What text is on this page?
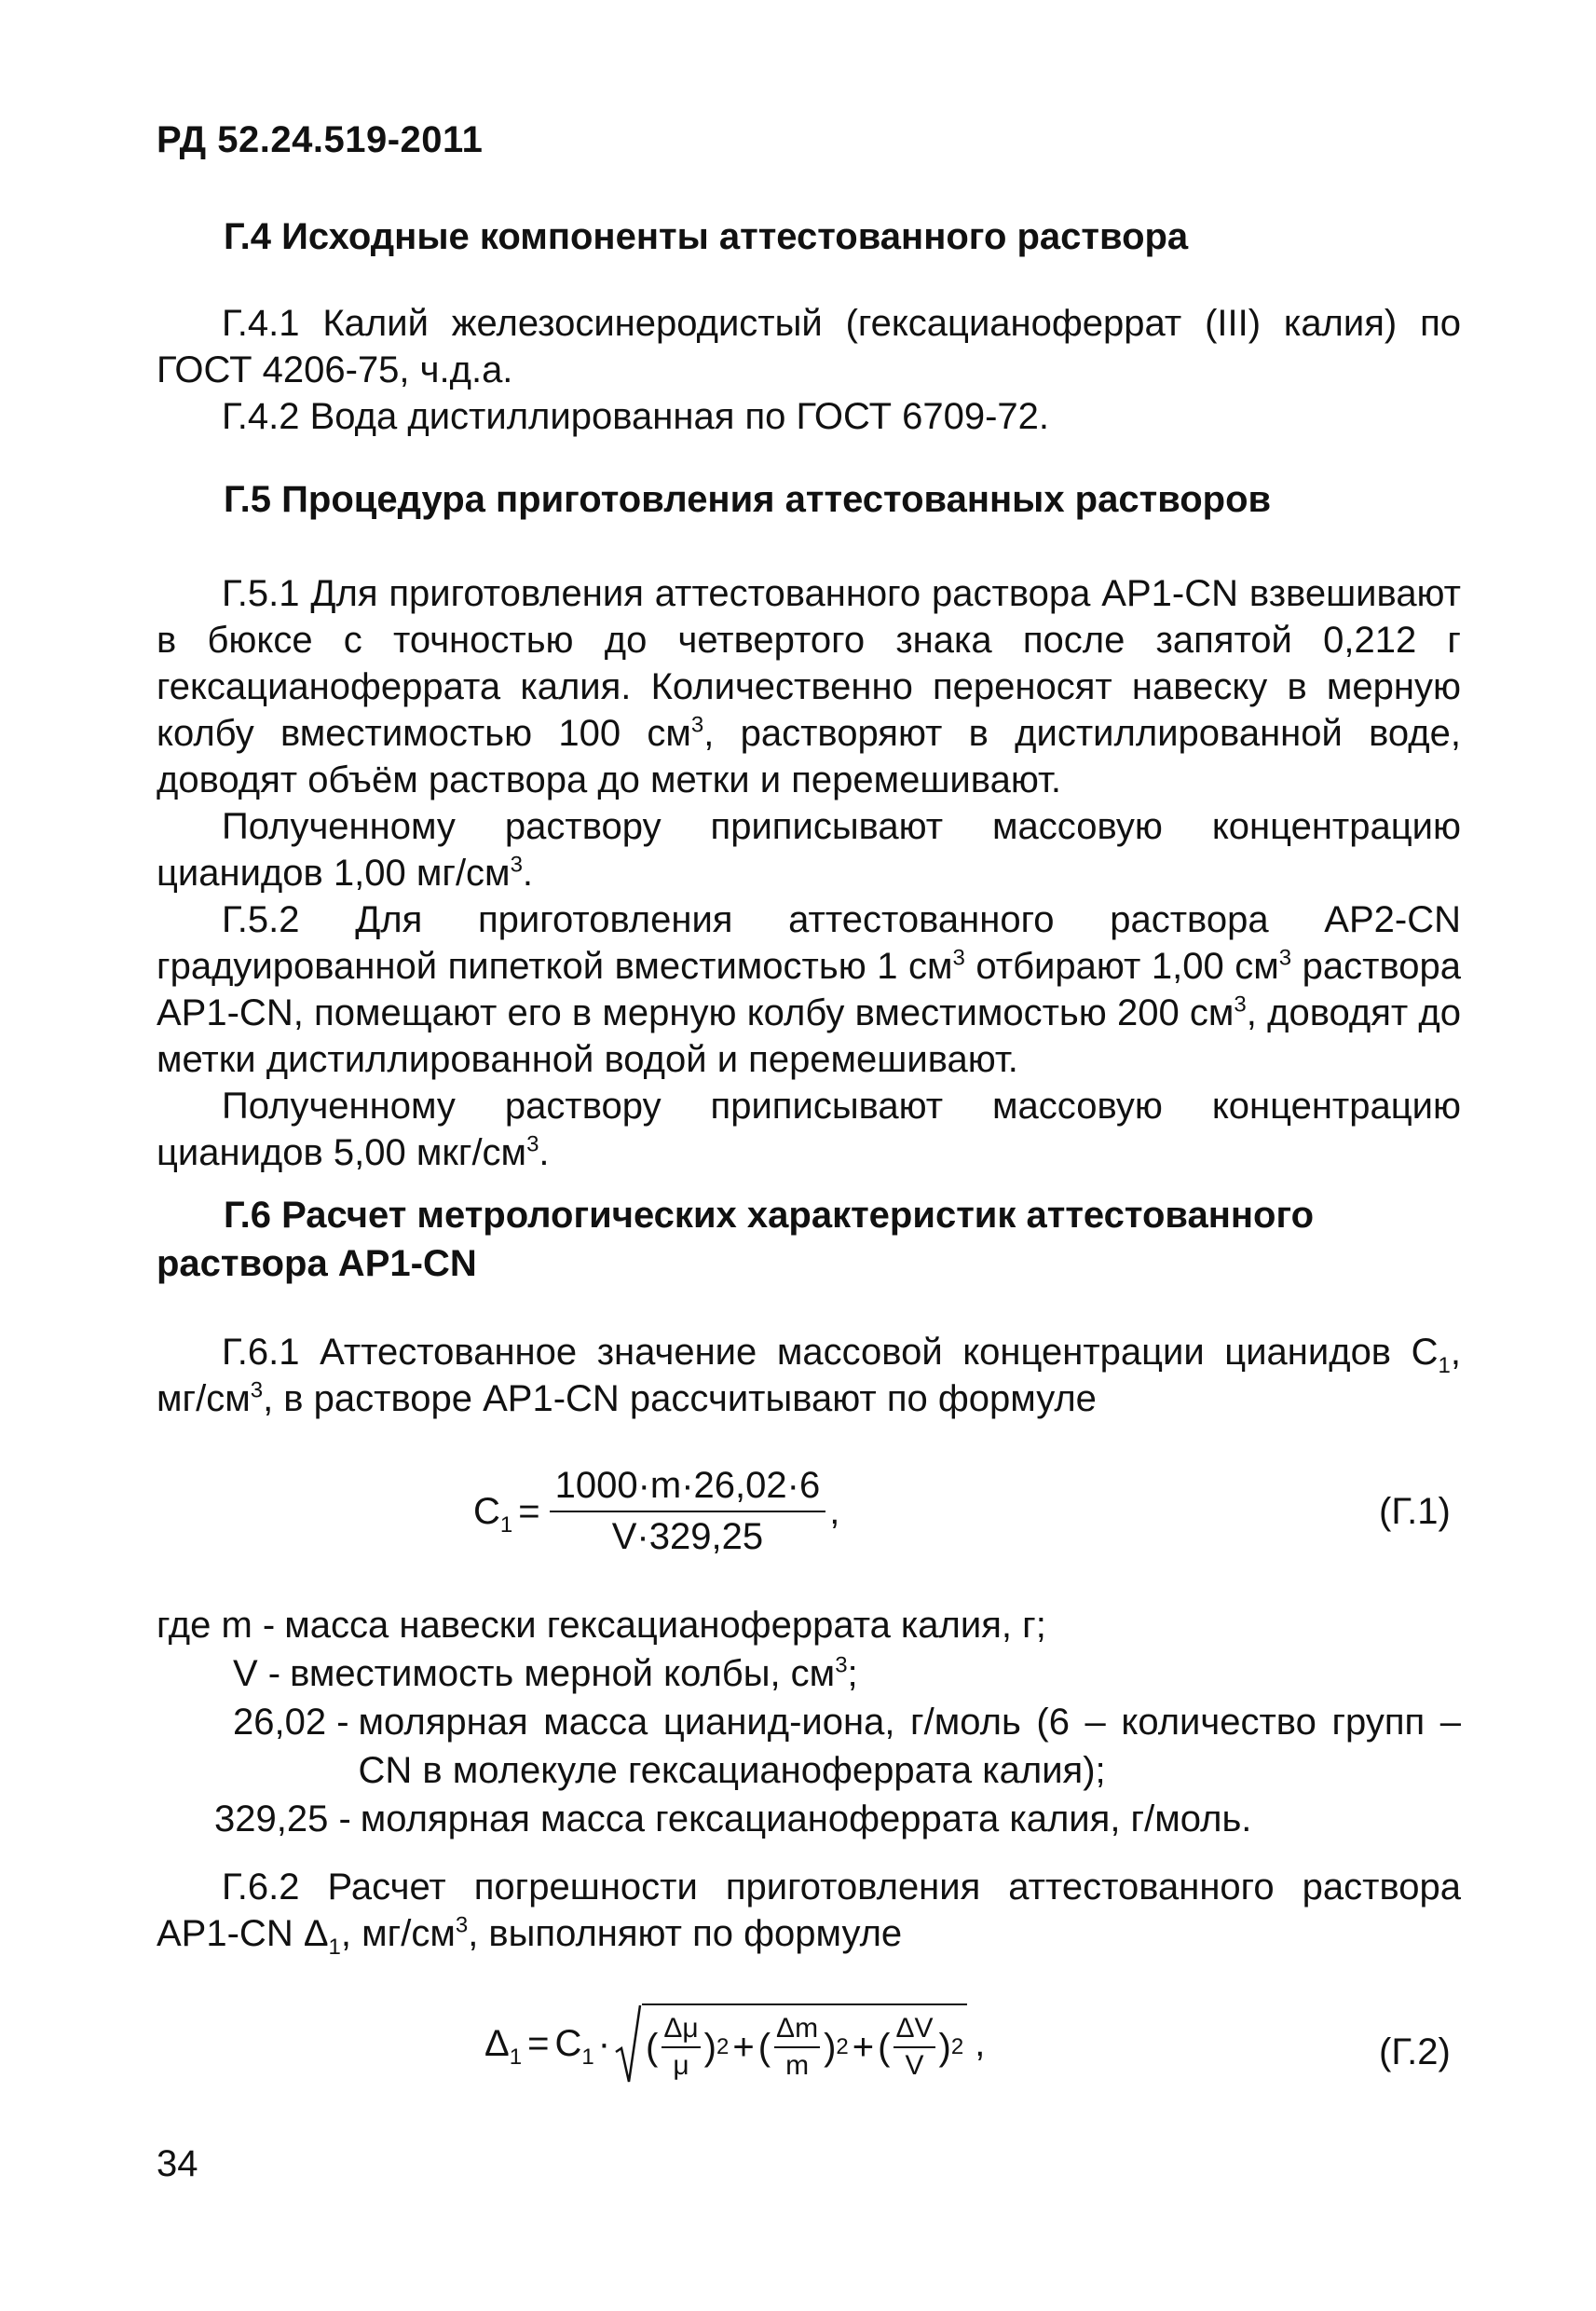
РД 52.24.519-2011
Г.4 Исходные компоненты аттестованного раствора

Г.4.1 Калий железосинеродистый (гексацианоферрат (III) калия) по ГОСТ 4206-75, ч.д.а.

Г.4.2 Вода дистиллированная по ГОСТ 6709-72.

Г.5 Процедура приготовления аттестованных растворов

Г.5.1 Для приготовления аттестованного раствора АР1-CN взвешивают в бюксе с точностью до четвертого знака после запятой 0,212 г гексацианоферрата калия. Количественно переносят навеску в мерную колбу вместимостью 100 $см^3$, растворяют в дистиллированной воде, доводят объём раствора до метки и перемешивают.

Полученному раствору приписывают массовую концентрацию цианидов 1,00 $мг/см^3$.

Г.5.2 Для приготовления аттестованного раствора АР2-CN градуированной пипеткой вместимостью 1 $см^3$ отбирают 1,00 $см^3$ раствора АР1-CN, помещают его в мерную колбу вместимостью 200 $см^3$, доводят до метки дистиллированной водой и перемешивают.

Полученному раствору приписывают массовую концентрацию цианидов 5,00 мкг/$см^3$.

Г.6 Расчет метрологических характеристик аттестованного раствора АР1-CN

Г.6.1 Аттестованное значение массовой концентрации цианидов $С_1$, $мг/см^3$, в растворе АР1-CN рассчитывают по формуле

$С_1 = \frac{1000\cdot m\cdot 26,02\cdot 6}{V\cdot 329,25}$ ,	(Г.1)
где m - масса навески гексацианоферрата калия, г;
V - вместимость мерной колбы, $см^3$;
26,02 - молярная масса цианид-иона, г/моль (6 – количество групп – CN в молекуле гексацианоферрата калия);
329,25 - молярная масса гексацианоферрата калия, г/моль.

Г.6.2 Расчет погрешности приготовления аттестованного раствора АР1-CN $\Delta_1$, $мг/см^3$, выполняют по формуле

$\Delta_1 = С_1$ · ( $\frac{\Delta\mu}{\mu}$ ) 2 + ( $\frac{\Delta m}{m}$ ) 2 + ( $\frac{\Delta V}{V}$ ) 2 ,	(Г.2)
34
